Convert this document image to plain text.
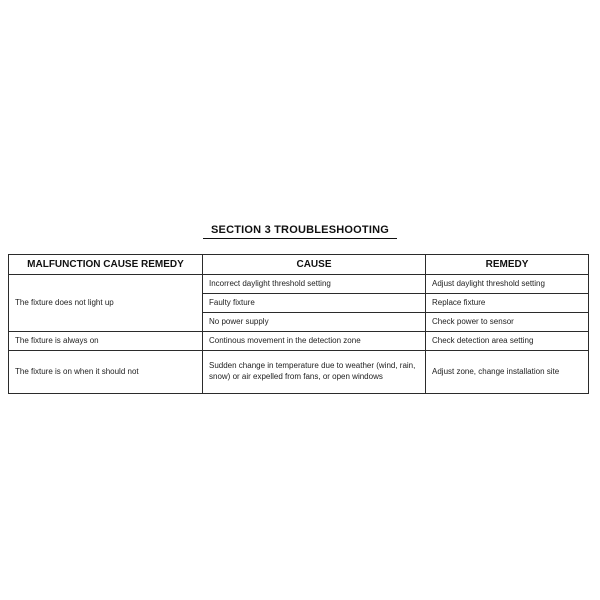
SECTION 3 TROUBLESHOOTING
MALFUNCTION CAUSE REMEDY	CAUSE	REMEDY
The fixture does not light up	Incorrect daylight threshold setting	Adjust daylight threshold setting
	Faulty fixture	Replace fixture
	No power supply	Check power to sensor
The fixture is always on	Continous movement in the detection zone	Check detection area setting
The fixture is on when it should not	Sudden change in temperature due to weather (wind, rain, snow) or air expelled from fans, or open windows	Adjust zone, change installation site
